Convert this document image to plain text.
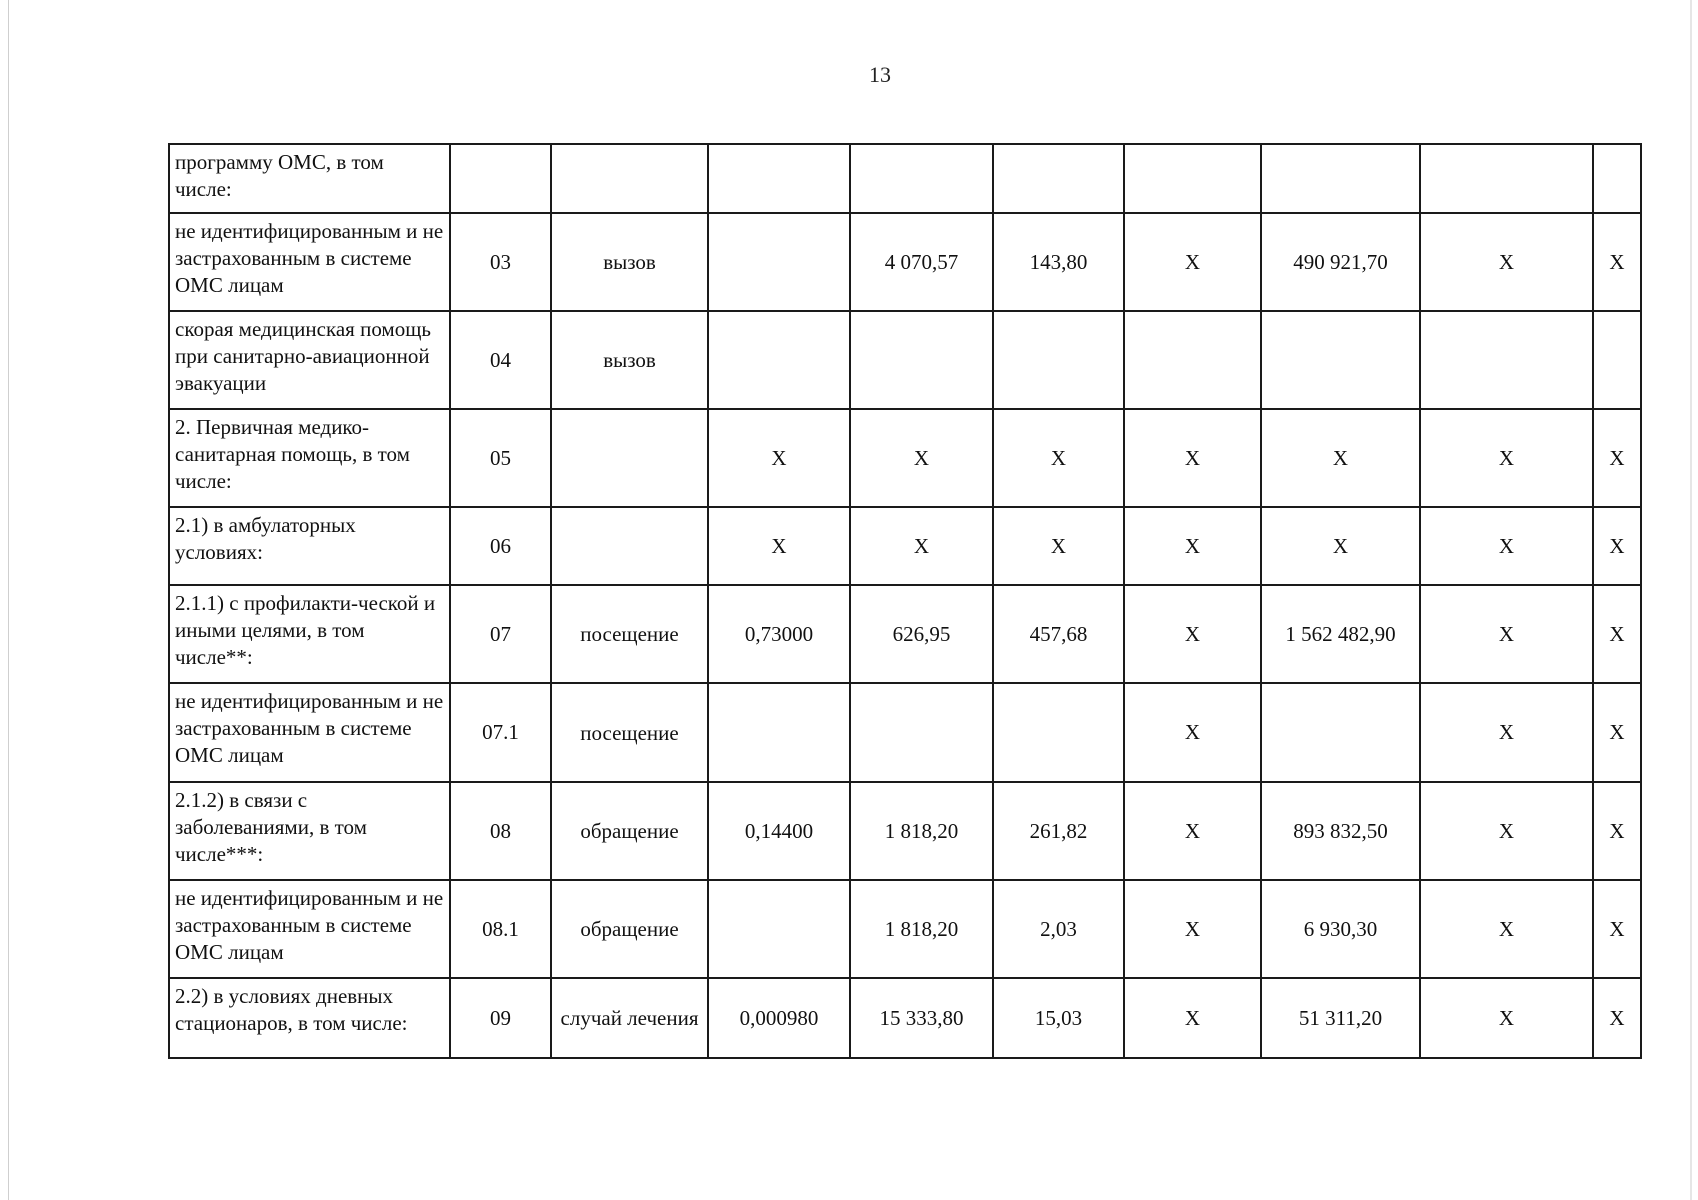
13
программу ОМС, в том числе:									
не идентифицированным и не застрахованным в системе ОМС лицам	03	вызов		4 070,57	143,80	Х	490 921,70	Х	Х
скорая медицинская помощь при санитарно-авиационной эвакуации	04	вызов							
2. Первичная медико-санитарная помощь, в том числе:	05		Х	Х	Х	Х	Х	Х	Х
2.1) в амбулаторных условиях:	06		Х	Х	Х	Х	Х	Х	Х
2.1.1) с профилакти-ческой и иными целями, в том числе**:	07	посещение	0,73000	626,95	457,68	Х	1 562 482,90	Х	Х
не идентифицированным и не застрахованным в системе ОМС лицам	07.1	посещение				Х		Х	Х
2.1.2) в связи с заболеваниями, в том числе***:	08	обращение	0,14400	1 818,20	261,82	Х	893 832,50	Х	Х
не идентифицированным и не застрахованным в системе ОМС лицам	08.1	обращение		1 818,20	2,03	Х	6 930,30	Х	Х
2.2) в условиях дневных стационаров, в том числе:	09	случай лечения	0,000980	15 333,80	15,03	Х	51 311,20	Х	Х
